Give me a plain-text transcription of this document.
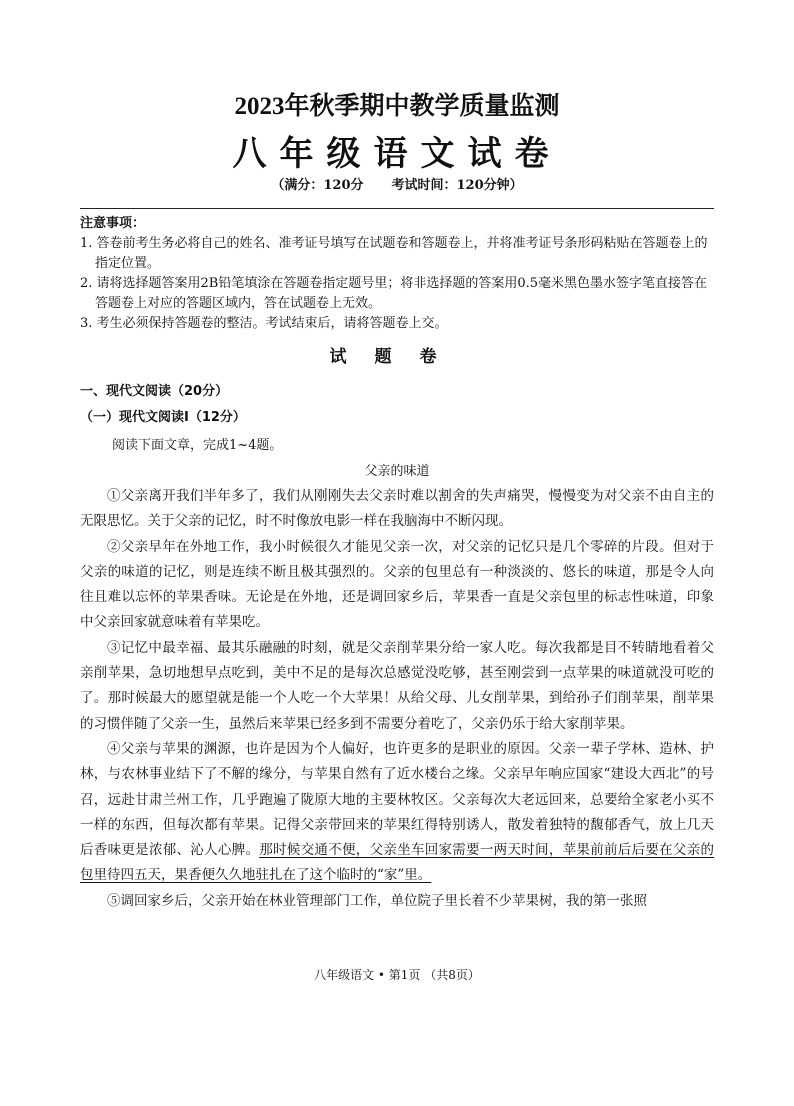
2023年秋季期中教学质量监测
八年级语文试卷
（满分：120分 考试时间：120分钟）
注意事项：
1. 答卷前考生务必将自己的姓名、准考证号填写在试题卷和答题卷上，并将准考证号条形码粘贴在答题卷上的指定位置。
2. 请将选择题答案用2B铅笔填涂在答题卷指定题号里；将非选择题的答案用0.5毫米黑色墨水签字笔直接答在答题卷上对应的答题区域内，答在试题卷上无效。
3. 考生必须保持答题卷的整洁。考试结束后，请将答题卷上交。
试题卷
一、现代文阅读（20分）
（一）现代文阅读Ⅰ（12分）
阅读下面文章，完成1~4题。
父亲的味道

①父亲离开我们半年多了，我们从刚刚失去父亲时难以割舍的失声痛哭，慢慢变为对父亲不由自主的无限思忆。关于父亲的记忆，时不时像放电影一样在我脑海中不断闪现。

②父亲早年在外地工作，我小时候很久才能见父亲一次，对父亲的记忆只是几个零碎的片段。但对于父亲的味道的记忆，则是连续不断且极其强烈的。父亲的包里总有一种淡淡的、悠长的味道，那是令人向往且难以忘怀的苹果香味。无论是在外地，还是调回家乡后，苹果香一直是父亲包里的标志性味道，印象中父亲回家就意味着有苹果吃。

③记忆中最幸福、最其乐融融的时刻，就是父亲削苹果分给一家人吃。每次我都是目不转睛地看着父亲削苹果，急切地想早点吃到，美中不足的是每次总感觉没吃够，甚至刚尝到一点苹果的味道就没可吃的了。那时候最大的愿望就是能一个人吃一个大苹果！从给父母、儿女削苹果，到给孙子们削苹果，削苹果的习惯伴随了父亲一生，虽然后来苹果已经多到不需要分着吃了，父亲仍乐于给大家削苹果。

④父亲与苹果的渊源，也许是因为个人偏好，也许更多的是职业的原因。父亲一辈子学林、造林、护林，与农林事业结下了不解的缘分，与苹果自然有了近水楼台之缘。父亲早年响应国家“建设大西北”的号召，远赴甘肃兰州工作，几乎跑遍了陇原大地的主要林牧区。父亲每次大老远回来，总要给全家老小买不一样的东西，但每次都有苹果。记得父亲带回来的苹果红得特别诱人，散发着独特的馥郁香气，放上几天后香味更是浓郁、沁人心脾。那时候交通不便，父亲坐车回家需要一两天时间，苹果前前后后要在父亲的包里待四五天，果香便久久地驻扎在了这个临时的“家”里。

⑤调回家乡后，父亲开始在林业管理部门工作，单位院子里长着不少苹果树，我的第一张照

八年级语文 • 第1页 （共8页）
